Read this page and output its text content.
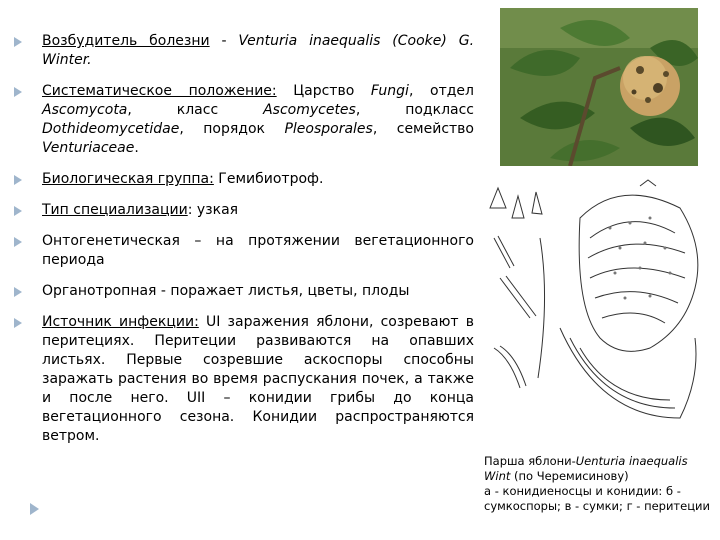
Возбудитель болезни - Venturia inaequalis (Cooke) G. Winter.
Систематическое положение: Царство Fungi, отдел Ascomycota, класс Ascomycetes, подкласс Dothideomycetidae, порядок Pleosporales, семейство Venturiaceae.
Биологическая группа: Гемибиотроф.
Тип специализации: узкая
Онтогенетическая – на протяжении вегетационного периода
Органотропная - поражает листья, цветы, плоды
Источник инфекции: UI заражения яблони, созревают в перитециях. Перитеции развиваются на опавших листьях. Первые созревшие аскоспоры способны заражать растения во время распускания почек, а также и после него. UII – конидии грибы до конца вегетационного сезона. Конидии распространяются ветром.
Парша яблони-Uenturia inaequalis Wint (по Черемисинову)
а - конидиеносцы и конидии: б - сумкоспоры; в - сумки; г - перитеции
